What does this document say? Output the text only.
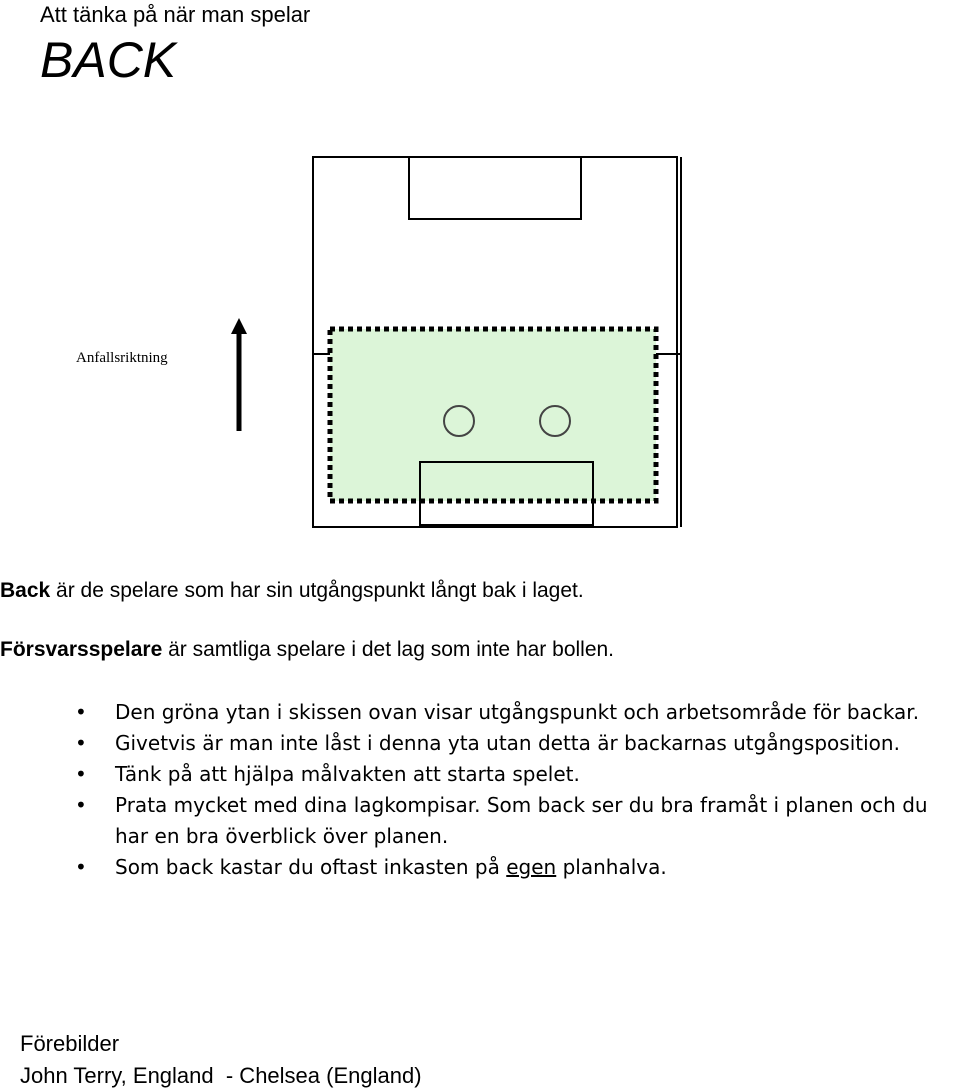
Att tänka på när man spelar
BACK
Anfallsriktning
Back är de spelare som har sin utgångspunkt långt bak i laget.
Försvarsspelare är samtliga spelare i det lag som inte har bollen.
• Den gröna ytan i skissen ovan visar utgångspunkt och arbetsområde för backar.
• Givetvis är man inte låst i denna yta utan detta är backarnas utgångsposition.
• Tänk på att hjälpa målvakten att starta spelet.
• Prata mycket med dina lagkompisar. Som back ser du bra framåt i planen och du har en bra överblick över planen.
• Som back kastar du oftast inkasten på egen planhalva.
Förebilder
John Terry, England  - Chelsea (England)
